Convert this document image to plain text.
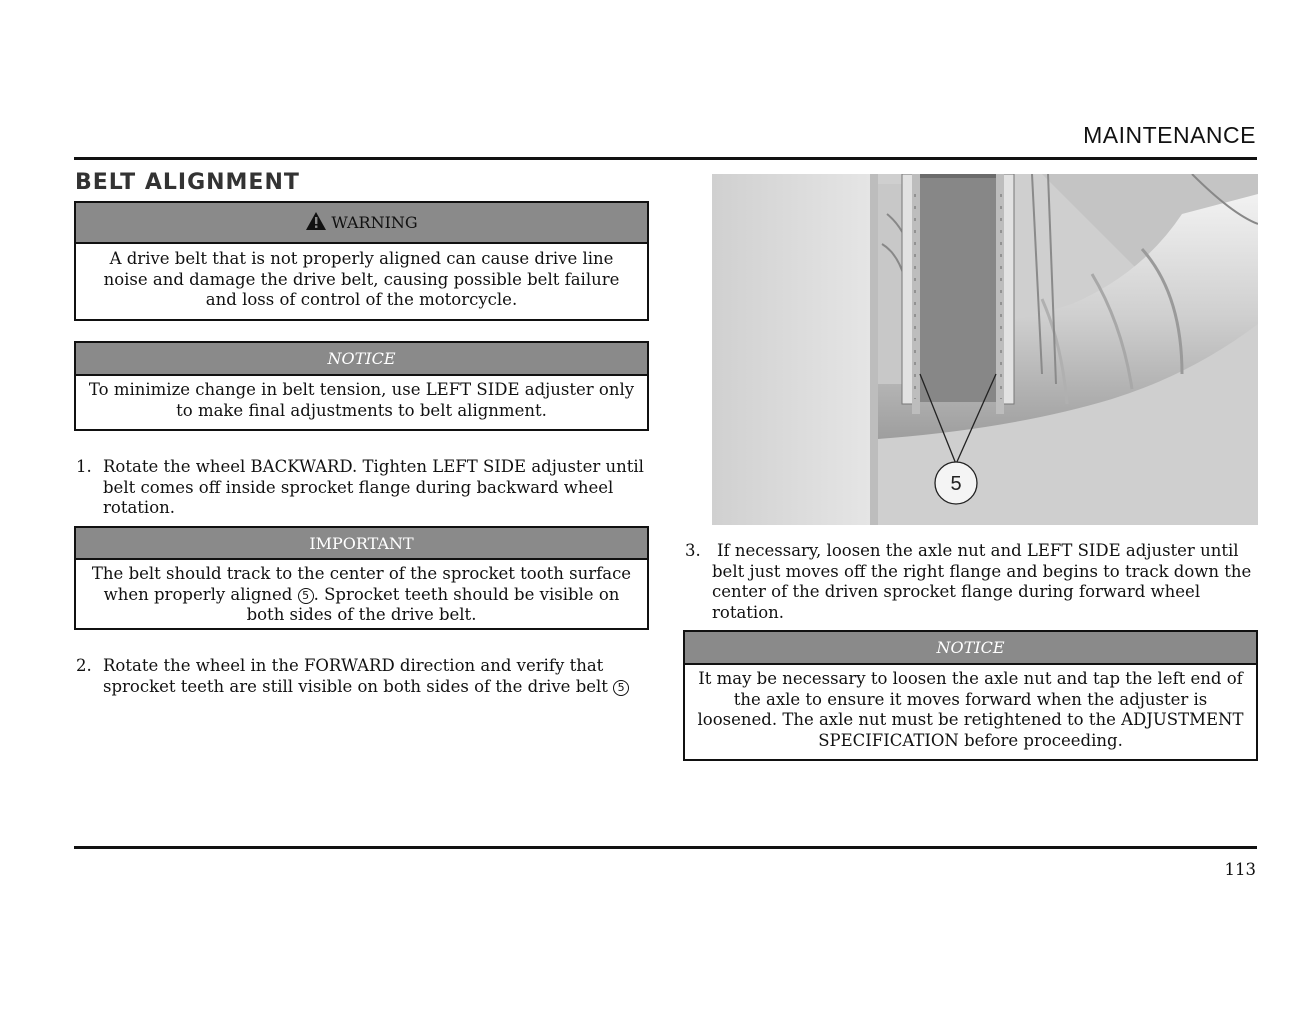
MAINTENANCE
BELT ALIGNMENT
WARNING
A drive belt that is not properly aligned can cause drive line
noise and damage the drive belt, causing possible belt failure
and loss of control of the motorcycle.
NOTICE
To minimize change in belt tension, use LEFT SIDE adjuster only
to make final adjustments to belt alignment.
1. Rotate the wheel BACKWARD. Tighten LEFT SIDE adjuster until
belt comes off inside sprocket flange during backward wheel
rotation.
IMPORTANT
The belt should track to the center of the sprocket tooth surface
when properly aligned 5 . Sprocket teeth should be visible on
both sides of the drive belt.
2. Rotate the wheel in the FORWARD direction and verify that
sprocket teeth are still visible on both sides of the drive belt 5
5
3. If necessary, loosen the axle nut and LEFT SIDE adjuster until
belt just moves off the right flange and begins to track down the
center of the driven sprocket flange during forward wheel
rotation.
NOTICE
It may be necessary to loosen the axle nut and tap the left end of
the axle to ensure it moves forward when the adjuster is
loosened. The axle nut must be retightened to the ADJUSTMENT
SPECIFICATION before proceeding.
113
